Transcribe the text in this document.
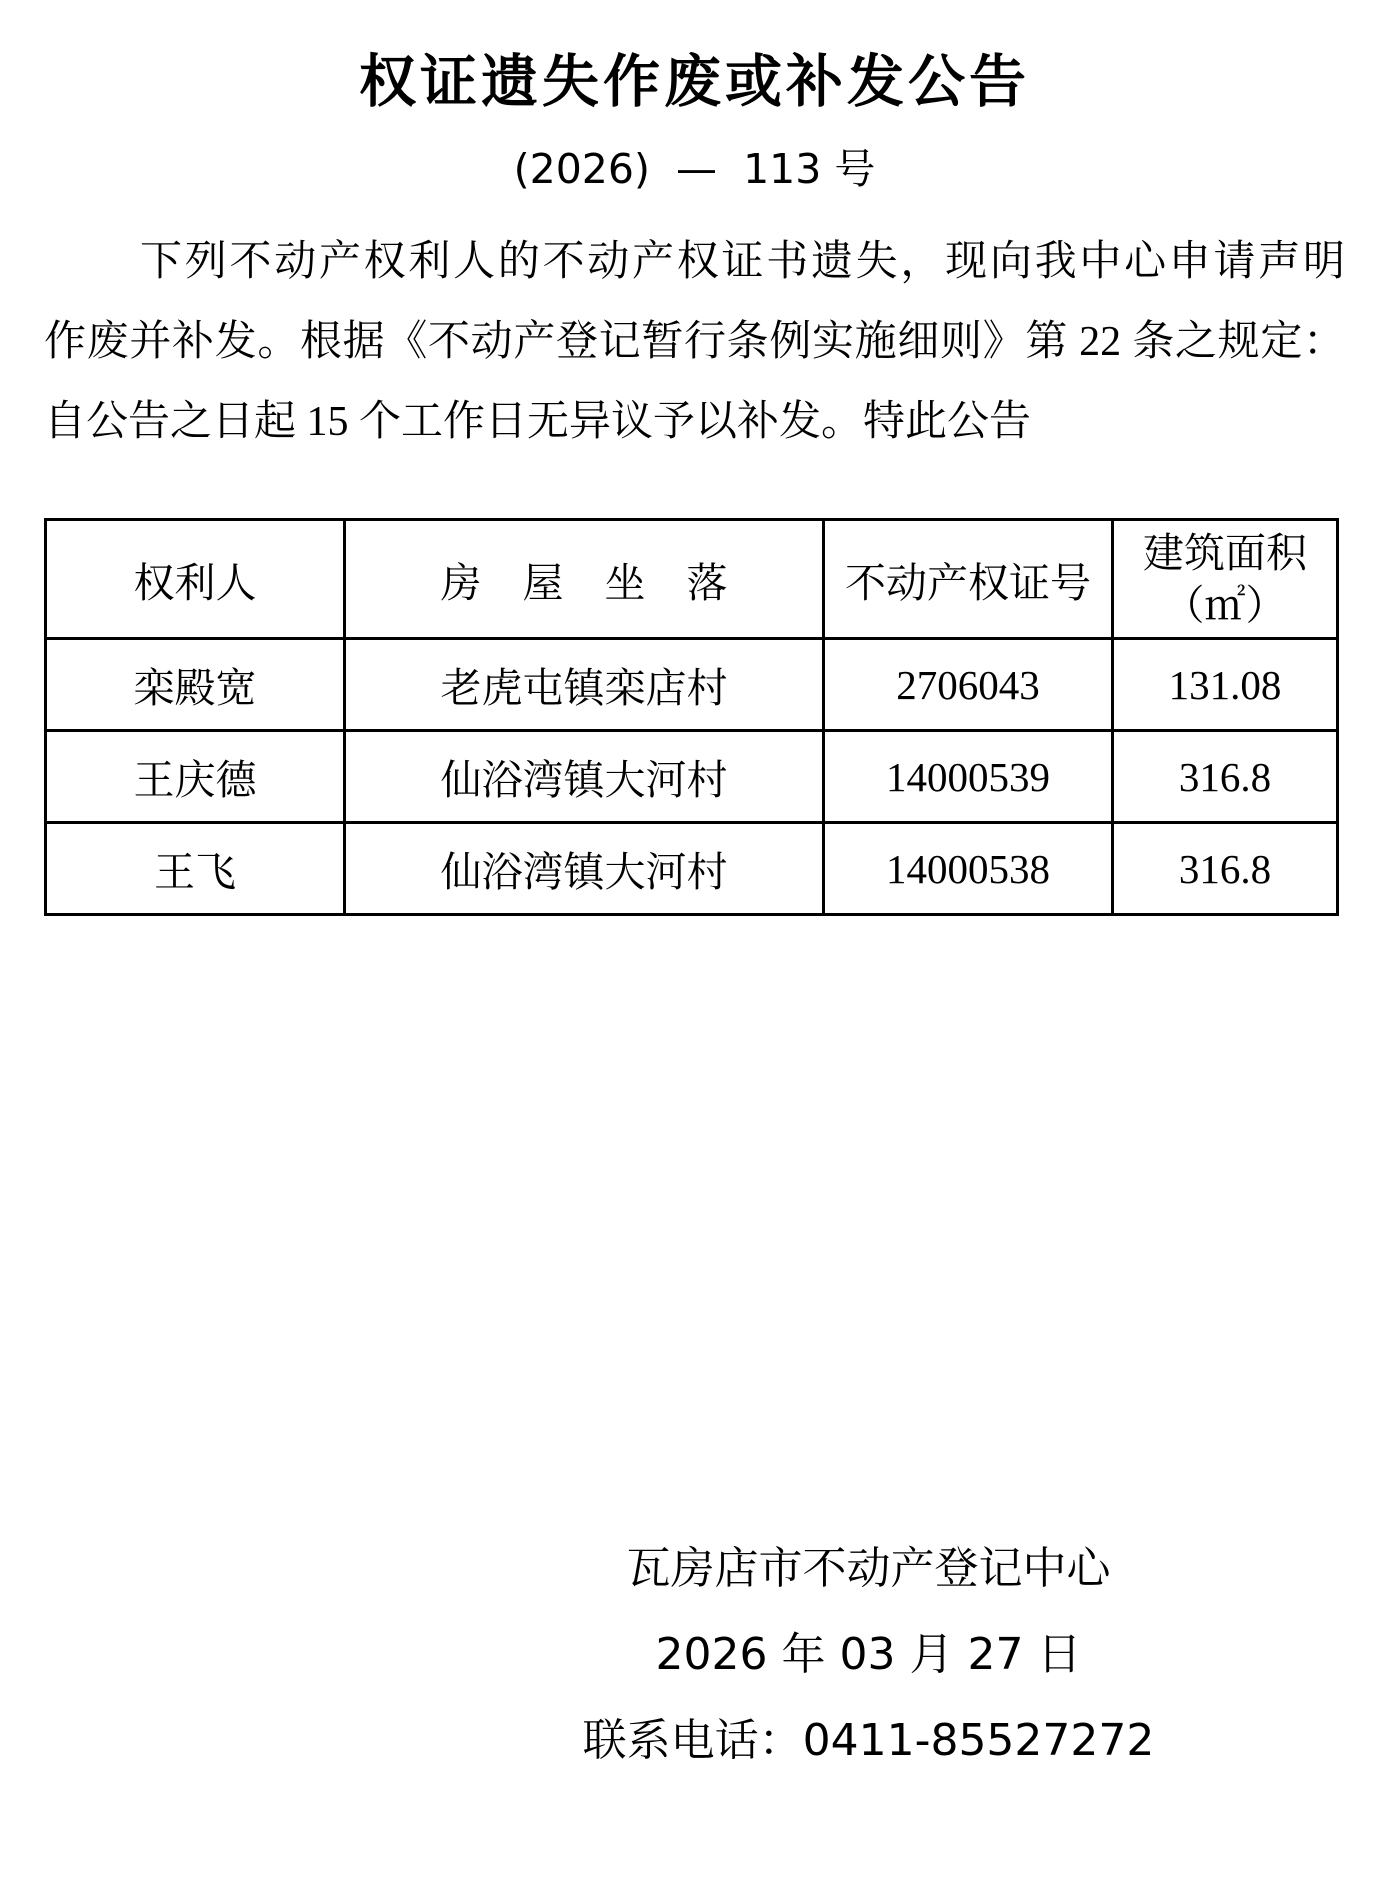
权证遗失作废或补发公告
(2026)  —  113 号
下列不动产权利人的不动产权证书遗失，现向我中心申请声明
作废并补发。根据《不动产登记暂行条例实施细则》第 22 条之规定：
自公告之日起 15 个工作日无异议予以补发。特此公告
权利人	房　屋　坐　落	不动产权证号	建筑面积
（㎡）

栾殿宽	老虎屯镇栾店村	2706043	131.08
王庆德	仙浴湾镇大河村	14000539	316.8
王飞	仙浴湾镇大河村	14000538	316.8
瓦房店市不动产登记中心
2026 年 03 月 27 日
联系电话：0411-85527272
